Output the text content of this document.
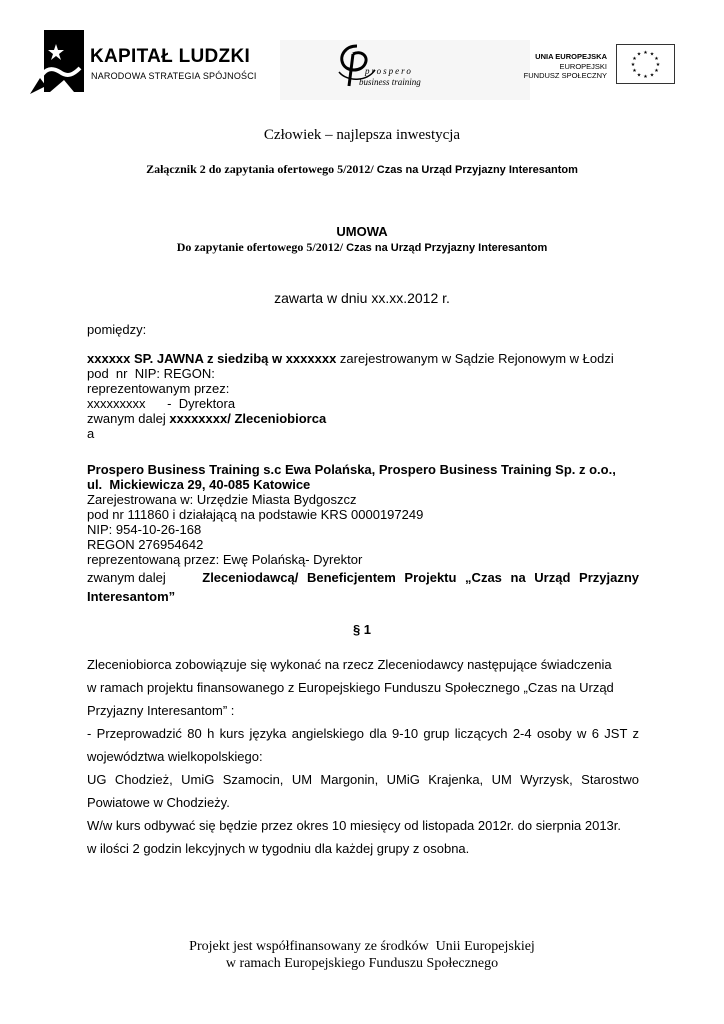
KAPITAŁ LUDZKI
NARODOWA STRATEGIA SPÓJNOŚCI	prospero
business training
UNIA EUROPEJSKA
EUROPEJSKI
FUNDUSZ SPOŁECZNY
★ ★
★
★
★
★
★
★
★
★
★
★
Człowiek – najlepsza inwestycja
Załącznik 2 do zapytania ofertowego 5/2012/ Czas na Urząd Przyjazny Interesantom
UMOWA
Do zapytanie ofertowego 5/2012/ Czas na Urząd Przyjazny Interesantom
zawarta w dniu xx.xx.2012 r.
pomiędzy:
xxxxxx SP. JAWNA z siedzibą w xxxxxxx zarejestrowanym w Sądzie Rejonowym w Łodzi
pod  nr  NIP: REGON:
reprezentowanym przez:
xxxxxxxxx      -  Dyrektora
zwanym dalej xxxxxxxx/ Zleceniobiorca
a
Prospero Business Training s.c Ewa Polańska, Prospero Business Training Sp. z o.o.,
ul.  Mickiewicza 29, 40-085 Katowice
Zarejestrowana w: Urzędzie Miasta Bydgoszcz
pod nr 111860 i działającą na podstawie KRS 0000197249
NIP: 954-10-26-168
REGON 276954642
reprezentowaną przez: Ewę Polańską- Dyrektor
zwanym dalej	Zleceniodawcą/ Beneficjentem Projektu „Czas na Urząd Przyjazny
Interesantom”
§ 1
Zleceniobiorca zobowiązuje się wykonać na rzecz Zleceniodawcy następujące świadczenia
w ramach projektu finansowanego z Europejskiego Funduszu Społecznego „Czas na Urząd
Przyjazny Interesantom” :
- Przeprowadzić 80 h kurs języka angielskiego dla 9-10 grup liczących 2-4 osoby w 6 JST z
województwa wielkopolskiego:
UG Chodzież, UmiG Szamocin, UM Margonin, UMiG Krajenka, UM Wyrzysk, Starostwo
Powiatowe w Chodzieży.
W/w kurs odbywać się będzie przez okres 10 miesięcy od listopada 2012r. do sierpnia 2013r.
w ilości 2 godzin lekcyjnych w tygodniu dla każdej grupy z osobna.
Projekt jest współfinansowany ze środków  Unii Europejskiej
w ramach Europejskiego Funduszu Społecznego
